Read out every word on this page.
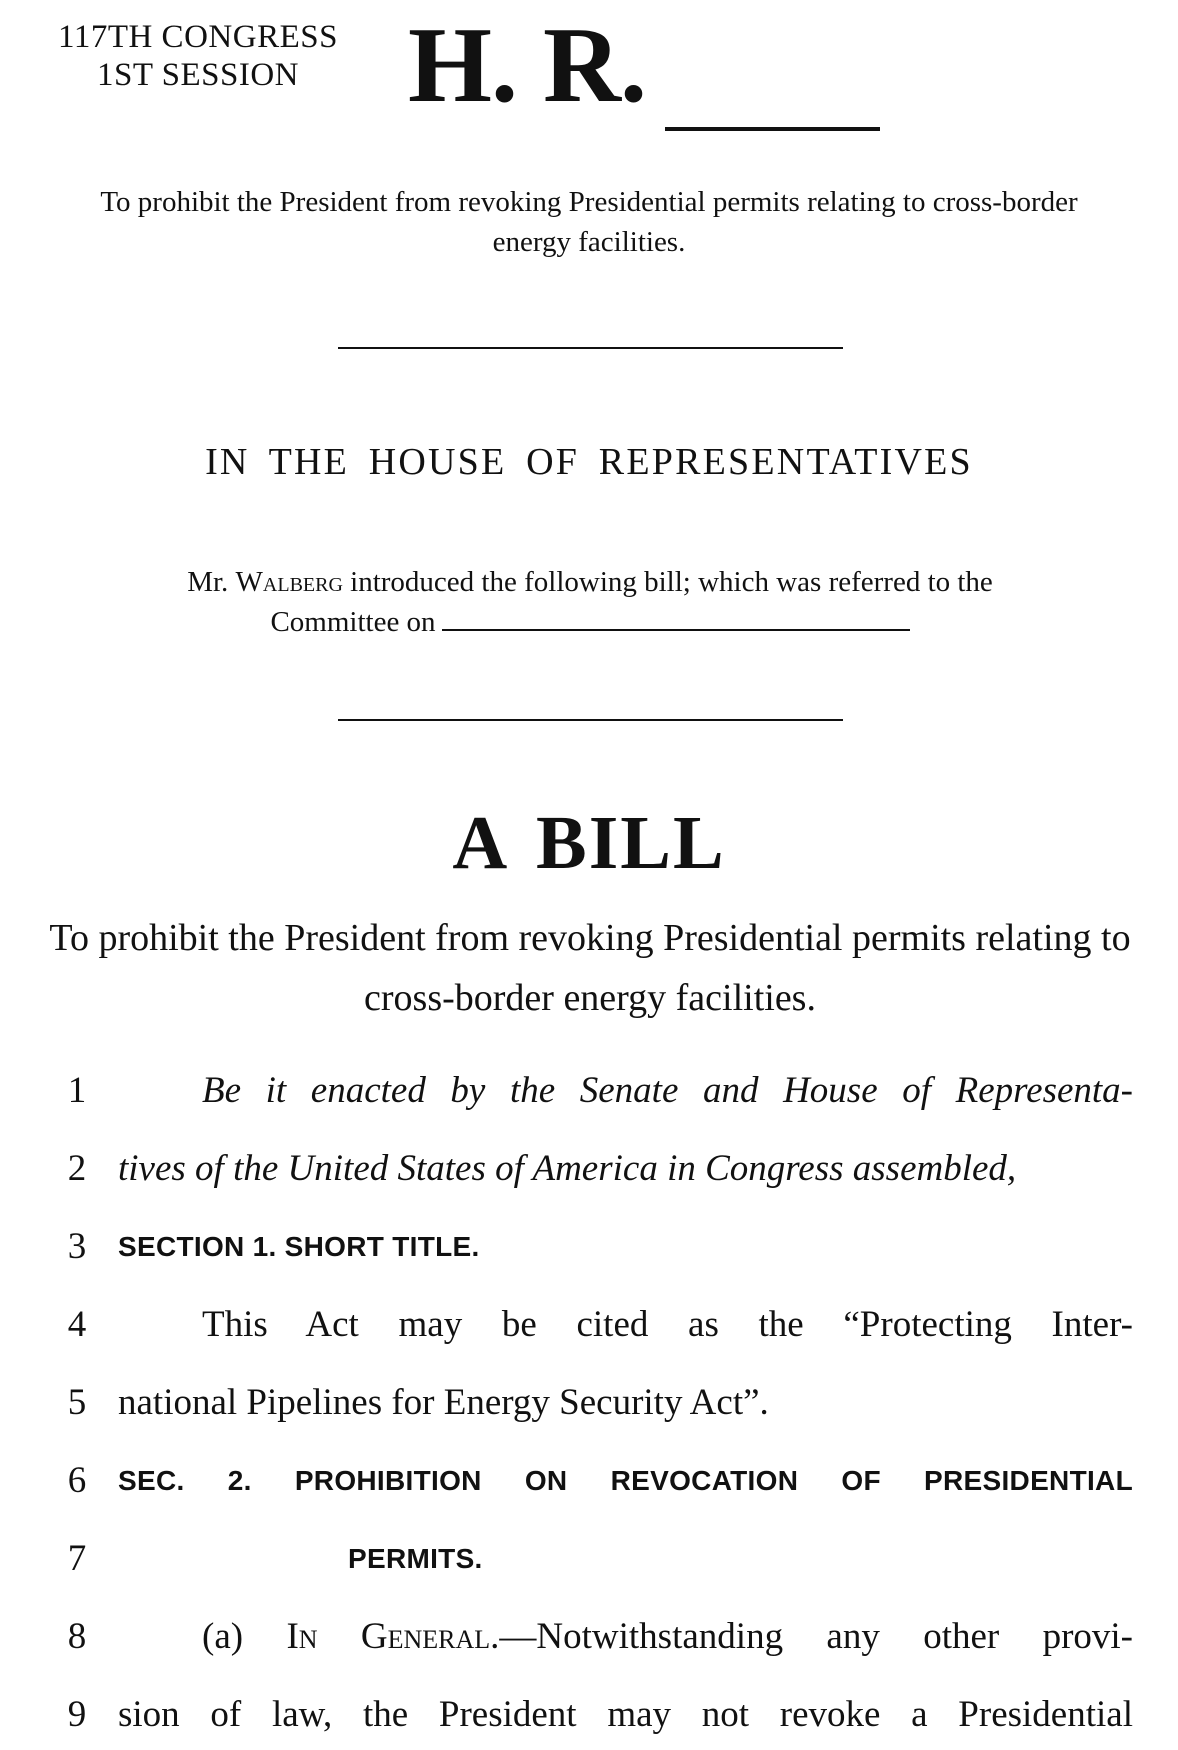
117TH CONGRESS
1ST SESSION	H. R.
To prohibit the President from revoking Presidential permits relating to cross-border energy facilities.
IN THE HOUSE OF REPRESENTATIVES
Mr. Walberg introduced the following bill; which was referred to the
Committee on
A BILL
To prohibit the President from revoking Presidential permits relating to cross-border energy facilities.
1	Be it enacted by the Senate and House of Representa-
2 tives of the United States of America in Congress assembled,
3 SECTION 1. SHORT TITLE.
4	This Act may be cited as the “Protecting Inter-
5 national Pipelines for Energy Security Act”.
6 SEC. 2. PROHIBITION ON REVOCATION OF PRESIDENTIAL
7	PERMITS.
8	(a) In General.—Notwithstanding any other provi-
9 sion of law, the President may not revoke a Presidential
